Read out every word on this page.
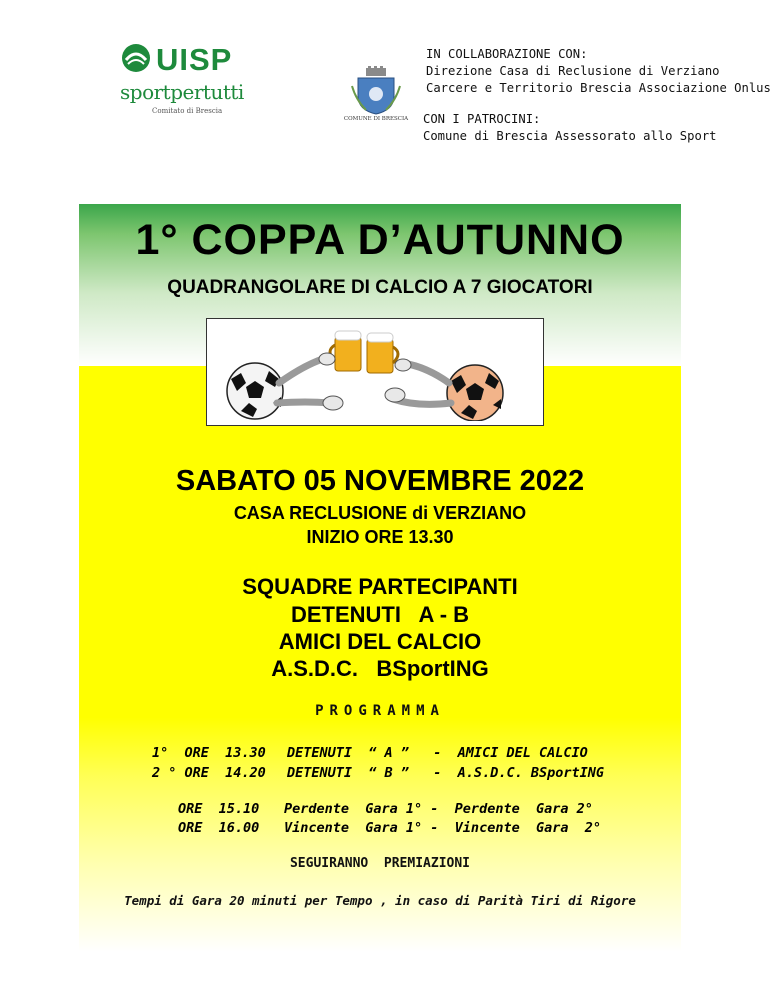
UISP
sportpertutti
Comitato di Brescia
COMUNE DI BRESCIA
IN COLLABORAZIONE CON:
Direzione Casa di Reclusione di Verziano
Carcere e Territorio Brescia Associazione Onlus
CON I PATROCINI:
Comune di Brescia Assessorato allo Sport
1° COPPA D’AUTUNNO
QUADRANGOLARE DI CALCIO A 7 GIOCATORI
SABATO 05 NOVEMBRE 2022
CASA RECLUSIONE di VERZIANO
INIZIO ORE 13.30
SQUADRE PARTECIPANTI
DETENUTI   A - B
AMICI DEL CALCIO
A.S.D.C.   BSportING
PROGRAMMA
1°  ORE  13.30 DETENUTI  “ A ”   -  AMICI DEL CALCIO
2 ° ORE  14.20 DETENUTI  “ B ”   -  A.S.D.C. BSportING
ORE  15.10 Perdente  Gara 1° -  Perdente  Gara 2°
ORE  16.00 Vincente  Gara 1° -  Vincente  Gara  2°
SEGUIRANNO  PREMIAZIONI
Tempi di Gara 20 minuti per Tempo , in caso di Parità Tiri di Rigore
